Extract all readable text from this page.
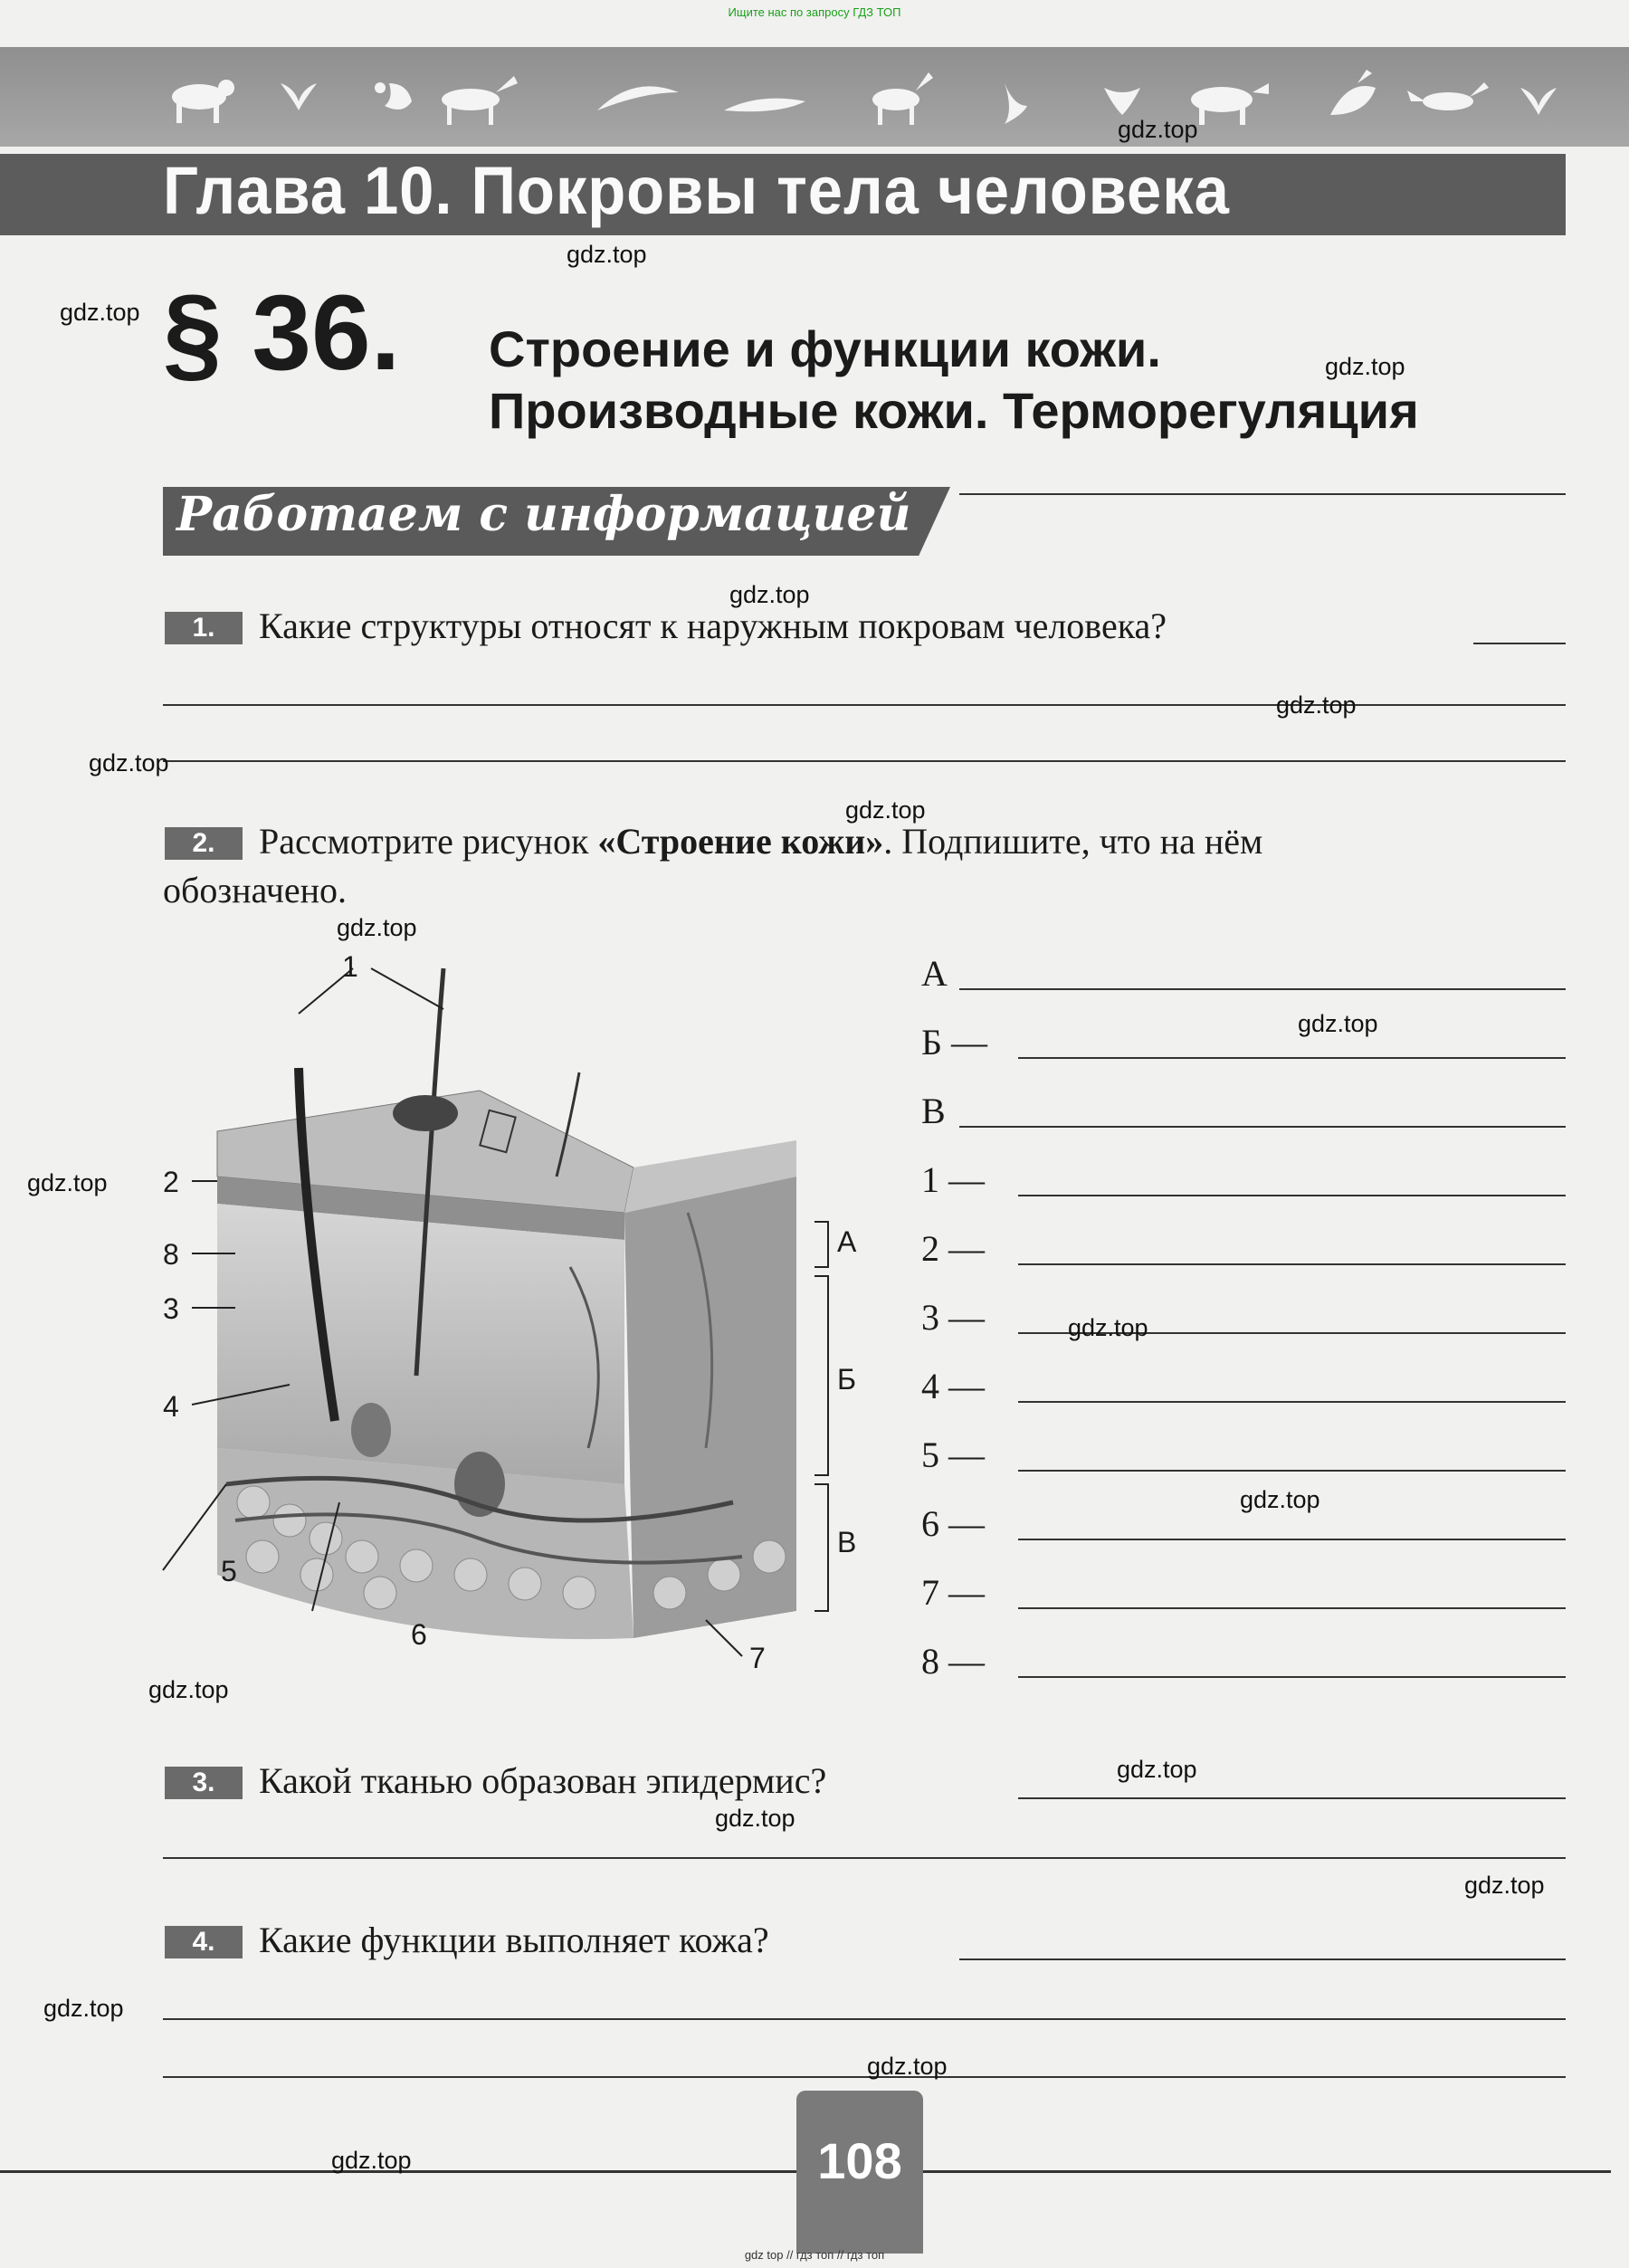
Ищите нас по запросу ГДЗ ТОП
Глава 10. Покровы тела человека
§ 36. Строение и функции кожи.
Производные кожи. Терморегуляция
Работаем с информацией
1.	Какие структуры относят к наружным покровам человека?
2.	Рассмотрите рисунок «Строение кожи». Подпишите, что на нём
обозначено.
1
2
8
3
4
5
6
7
А
Б
В
А
Б —
В
1 —
2 —
3 —
4 —
5 —
6 —
7 —
8 —
3.	Какой тканью образован эпидермис?
4.	Какие функции выполняет кожа?
108
gdz.top
gdz.top
gdz.top
gdz.top
gdz.top
gdz.top
gdz.top
gdz.top
gdz.top
gdz.top
gdz.top
gdz.top
gdz.top
gdz.top
gdz.top
gdz.top
gdz.top
gdz.top
gdz.top
gdz.top
gdz top // гдз топ // гдз топ
